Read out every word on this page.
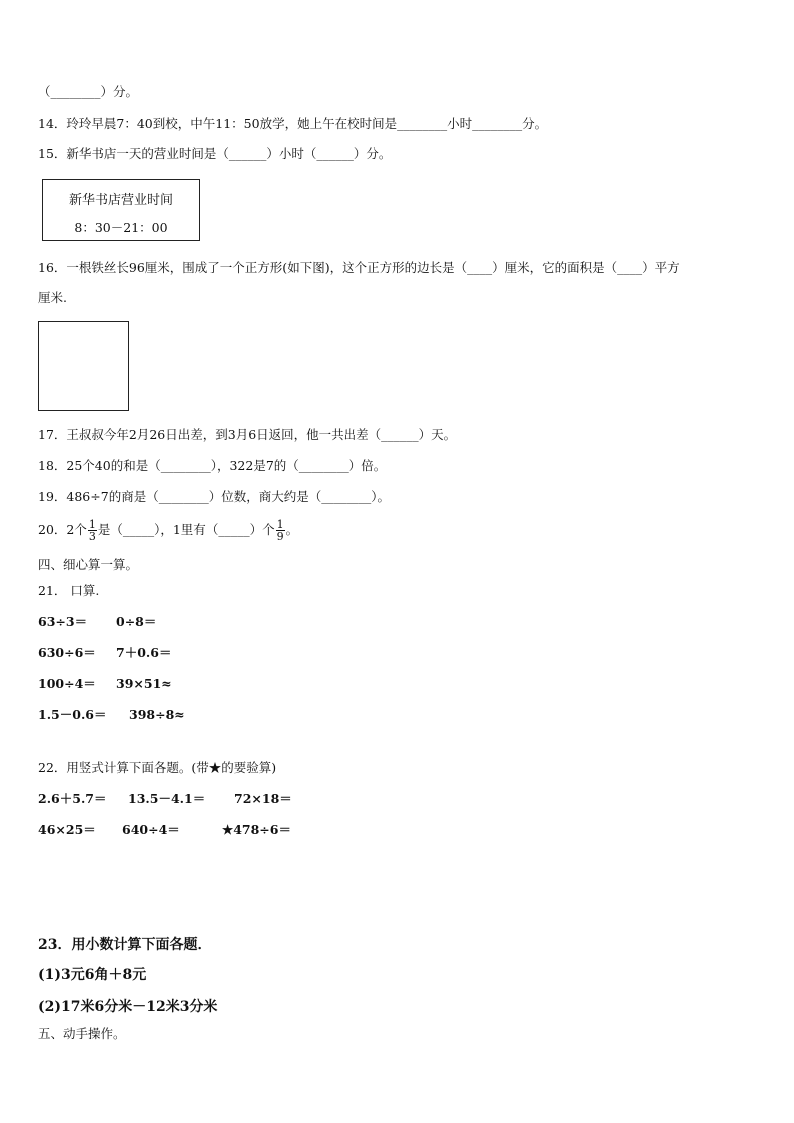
（________）分。
14．玲玲早晨7：40到校，中午11：50放学，她上午在校时间是________小时________分。
15．新华书店一天的营业时间是（______）小时（______）分。
新华书店营业时间
8：30－21：00
16．一根铁丝长96厘米，围成了一个正方形(如下图)，这个正方形的边长是（____）厘米，它的面积是（____）平方
厘米.
17．王叔叔今年2月26日出差，到3月6日返回，他一共出差（______）天。
18．25个40的和是（________），322是7的（________）倍。
19．486÷7的商是（________）位数，商大约是（________）。
20．2个 $\frac{1}{3}$ 是（_____），1里有（_____）个 $\frac{1}{9}$ 。
四、细心算一算。
21． 口算.
63÷3＝ 0÷8＝
630÷6＝ 7＋0.6＝
100÷4＝ 39×51≈
1.5－0.6＝ 398÷8≈
22．用竖式计算下面各题。(带★的要验算)
2.6＋5.7＝ 13.5－4.1＝ 72×18＝
46×25＝ 640÷4＝	★478÷6＝
23．用小数计算下面各题．
(1)3元6角＋8元
(2)17米6分米－12米3分米
五、动手操作。
